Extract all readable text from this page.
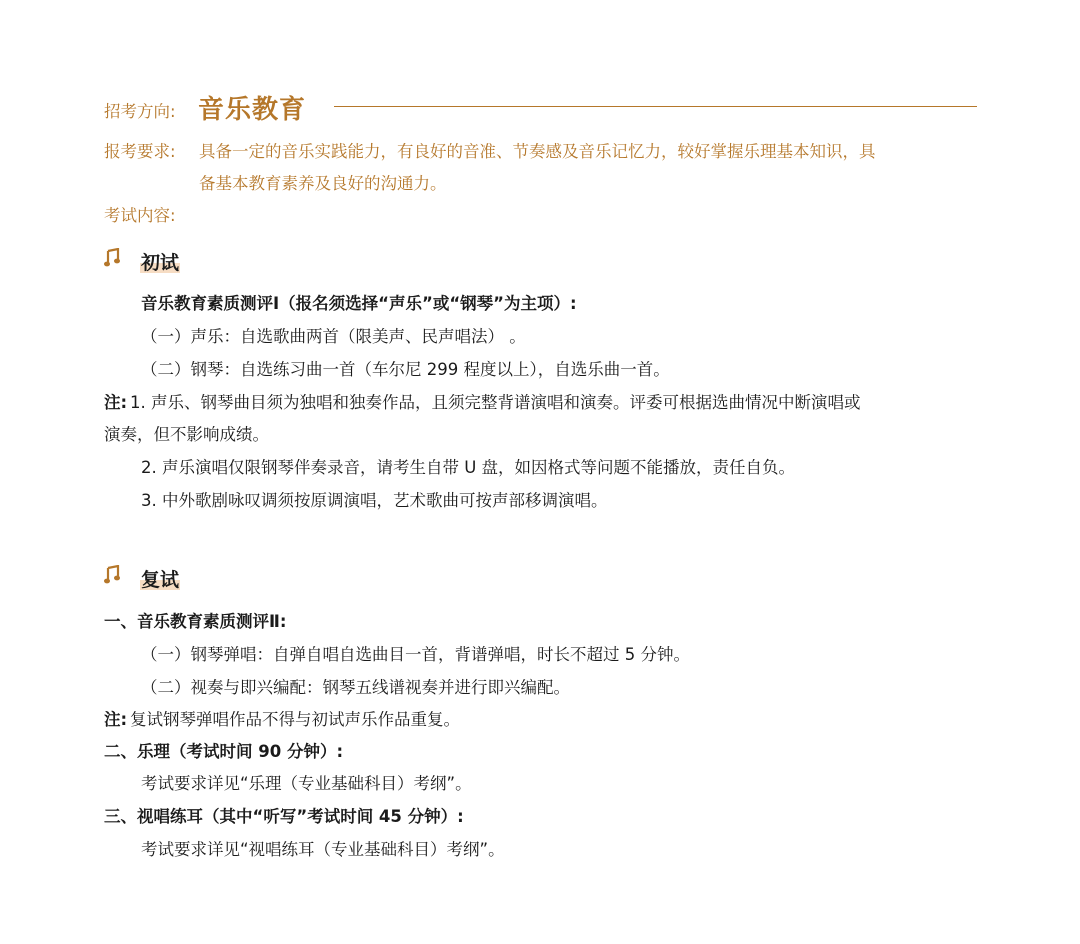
招考方向: 音乐教育
报考要求: 具备一定的音乐实践能力，有良好的音准、节奏感及音乐记忆力，较好掌握乐理基本知识，具
备基本教育素养及良好的沟通力。
考试内容:
初试
音乐教育素质测评Ⅰ（报名须选择“声乐”或“钢琴”为主项）:
（一）声乐：自选歌曲两首（限美声、民声唱法） 。
（二）钢琴：自选练习曲一首（车尔尼 299 程度以上），自选乐曲一首。
注: 1. 声乐、钢琴曲目须为独唱和独奏作品，且须完整背谱演唱和演奏。评委可根据选曲情况中断演唱或
演奏，但不影响成绩。
2. 声乐演唱仅限钢琴伴奏录音，请考生自带 U 盘，如因格式等问题不能播放，责任自负。
3. 中外歌剧咏叹调须按原调演唱，艺术歌曲可按声部移调演唱。
复试
一、音乐教育素质测评Ⅱ:
（一）钢琴弹唱：自弹自唱自选曲目一首，背谱弹唱，时长不超过 5 分钟。
（二）视奏与即兴编配：钢琴五线谱视奏并进行即兴编配。
注: 复试钢琴弹唱作品不得与初试声乐作品重复。
二、乐理（考试时间 90 分钟）:
考试要求详见“乐理（专业基础科目）考纲”。
三、视唱练耳（其中“听写”考试时间 45 分钟）:
考试要求详见“视唱练耳（专业基础科目）考纲”。
